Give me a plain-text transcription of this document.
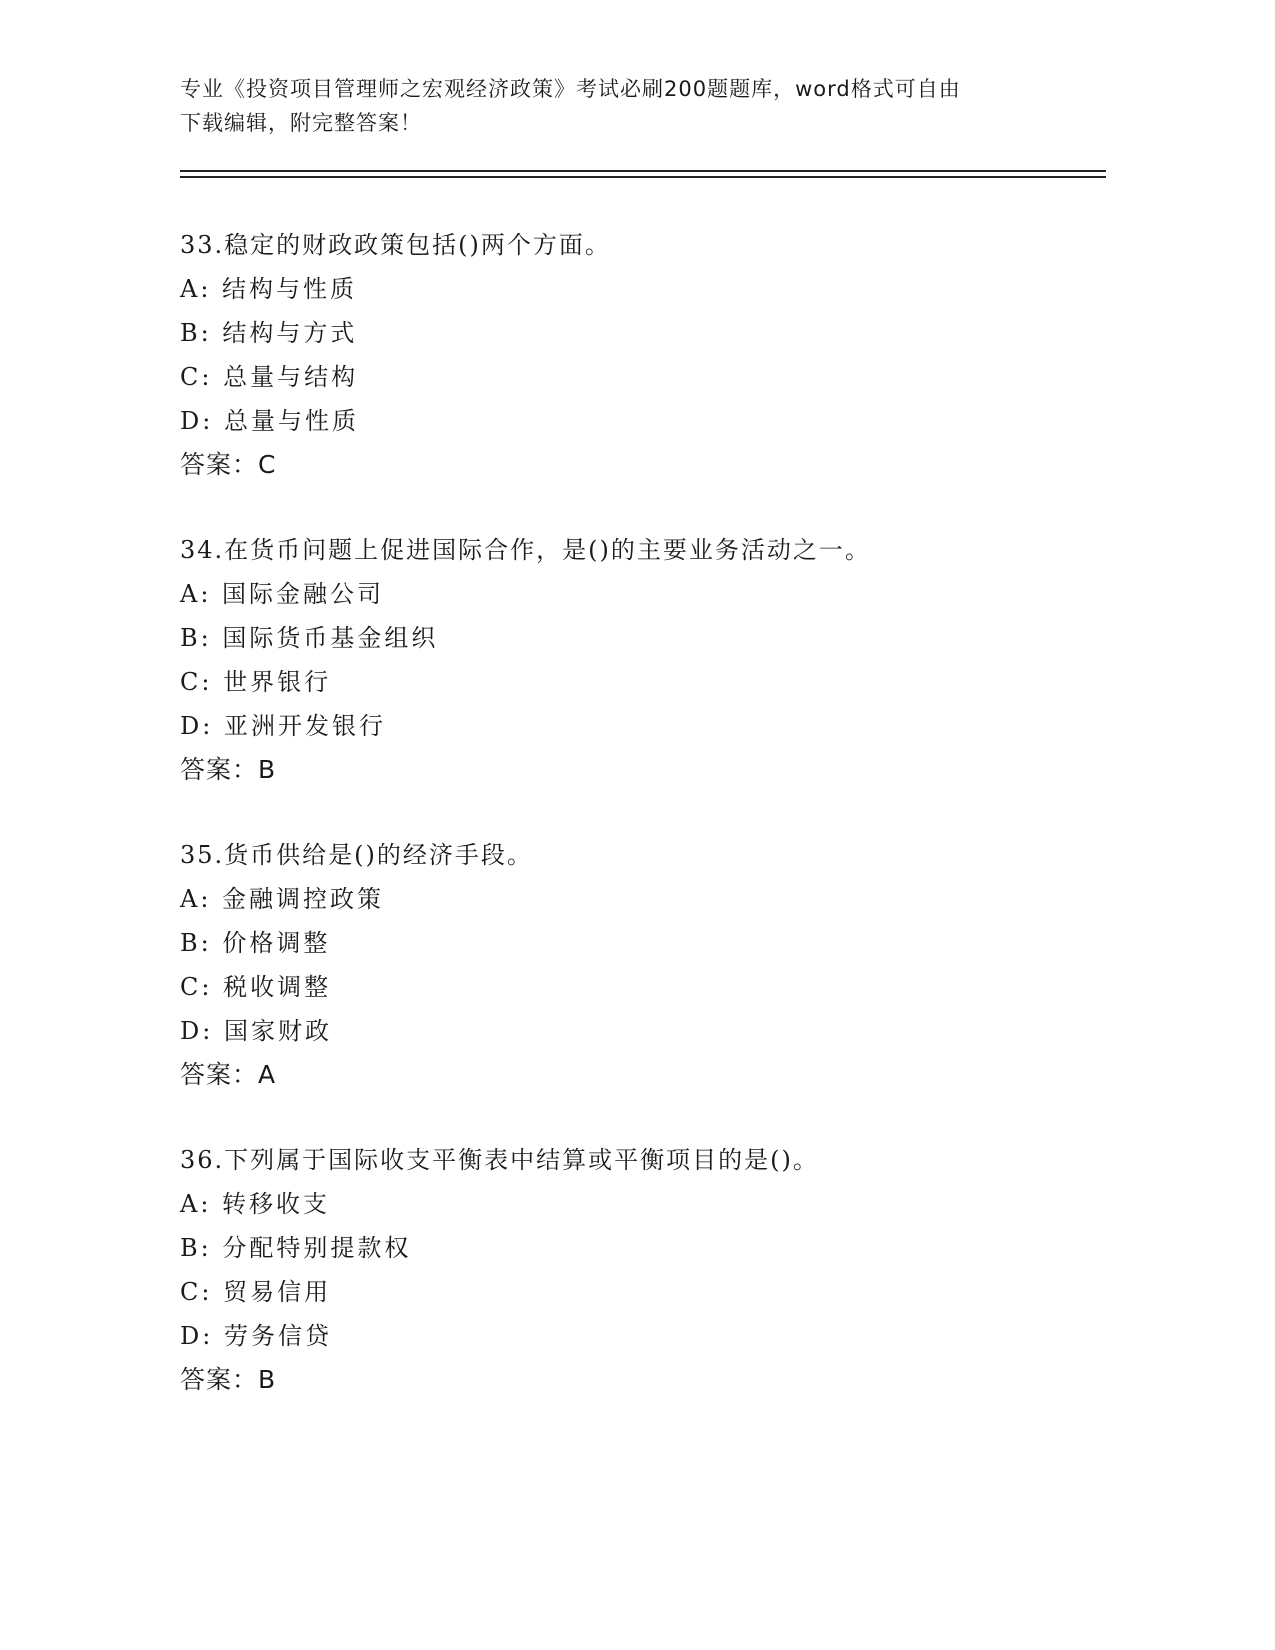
专业《投资项目管理师之宏观经济政策》考试必刷200题题库，word格式可自由
下载编辑，附完整答案！
33.稳定的财政政策包括()两个方面。
A: 结构与性质
B: 结构与方式
C: 总量与结构
D: 总量与性质
答案：C
34.在货币问题上促进国际合作，是()的主要业务活动之一。
A: 国际金融公司
B: 国际货币基金组织
C: 世界银行
D: 亚洲开发银行
答案：B
35.货币供给是()的经济手段。
A: 金融调控政策
B: 价格调整
C: 税收调整
D: 国家财政
答案：A
36.下列属于国际收支平衡表中结算或平衡项目的是()。
A: 转移收支
B: 分配特别提款权
C: 贸易信用
D: 劳务信贷
答案：B
